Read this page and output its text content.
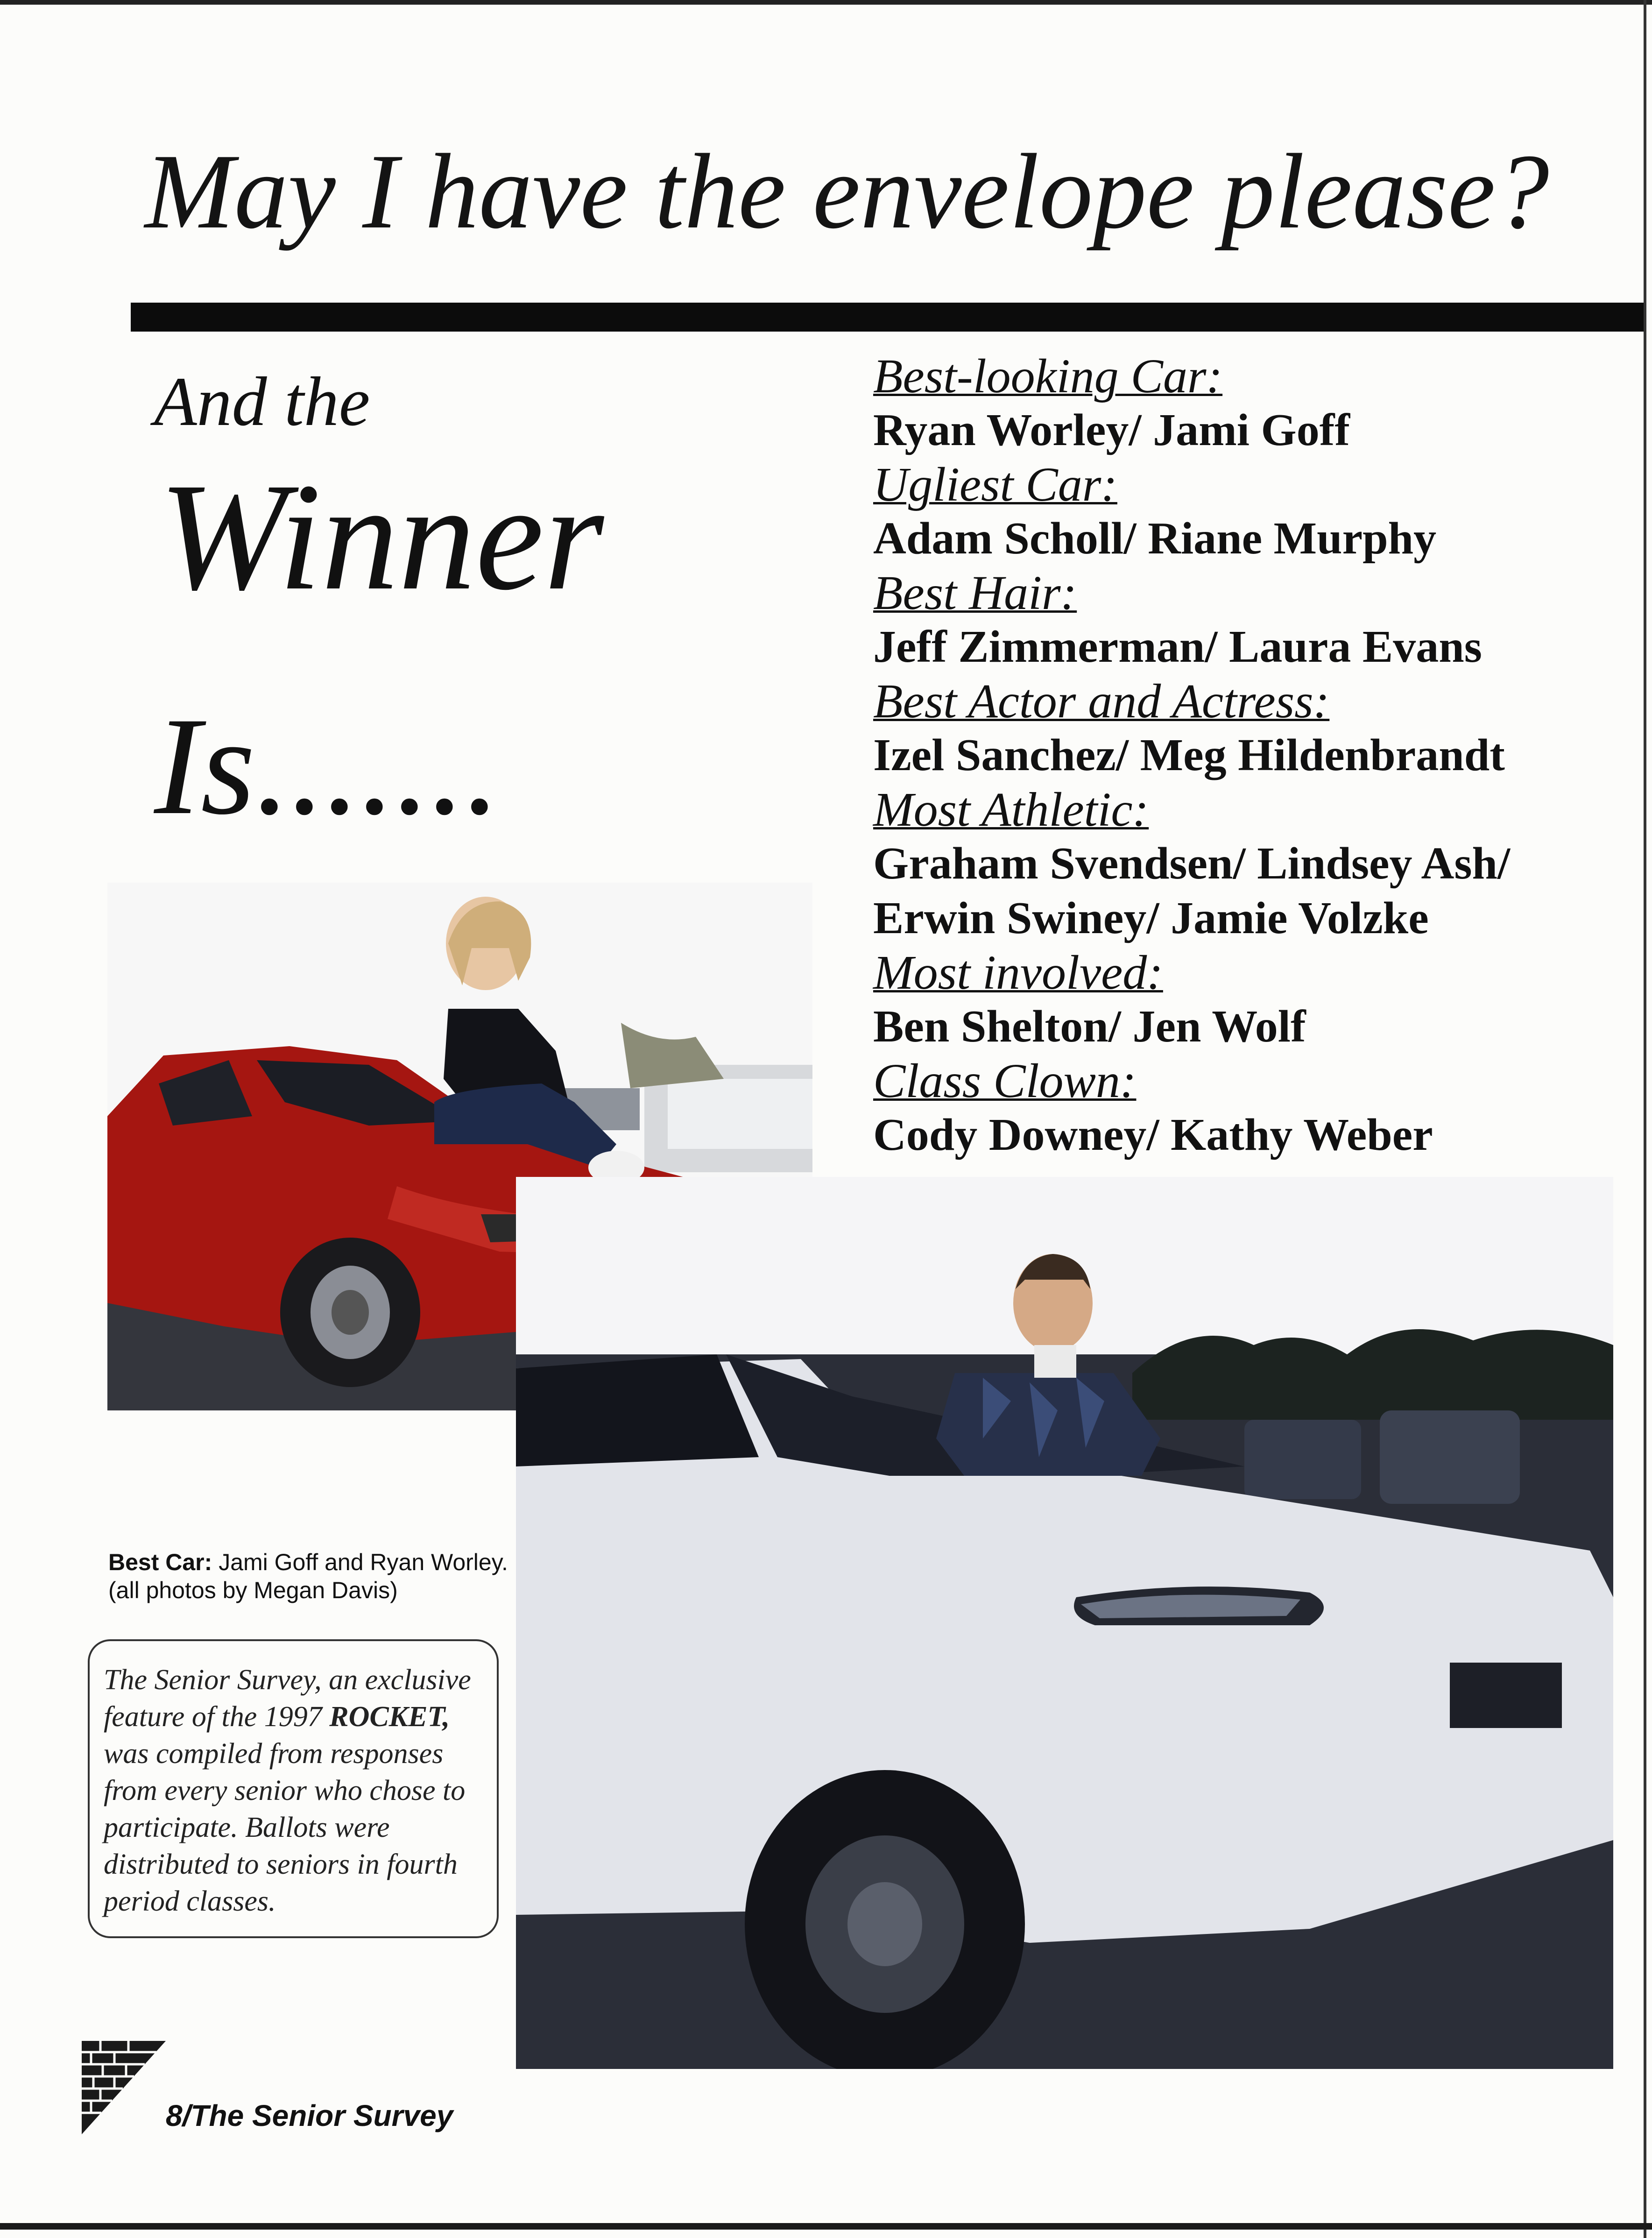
May I have the envelope please?
And the
Winner
Is.......
Best-looking Car:
Ryan Worley/ Jami Goff
Ugliest Car:
Adam Scholl/ Riane Murphy
Best Hair:
Jeff Zimmerman/ Laura Evans
Best Actor and Actress:
Izel Sanchez/ Meg Hildenbrandt
Most Athletic:
Graham Svendsen/ Lindsey Ash/
Erwin Swiney/ Jamie Volzke
Most involved:
Ben Shelton/ Jen Wolf
Class Clown:
Cody Downey/ Kathy Weber
Best Car: Jami Goff and Ryan Worley.
(all photos by Megan Davis)
The Senior Survey, an exclusive feature of the 1997 ROCKET, was compiled from responses from every senior who chose to participate. Ballots were distributed to seniors in fourth period classes.
8/The Senior Survey
